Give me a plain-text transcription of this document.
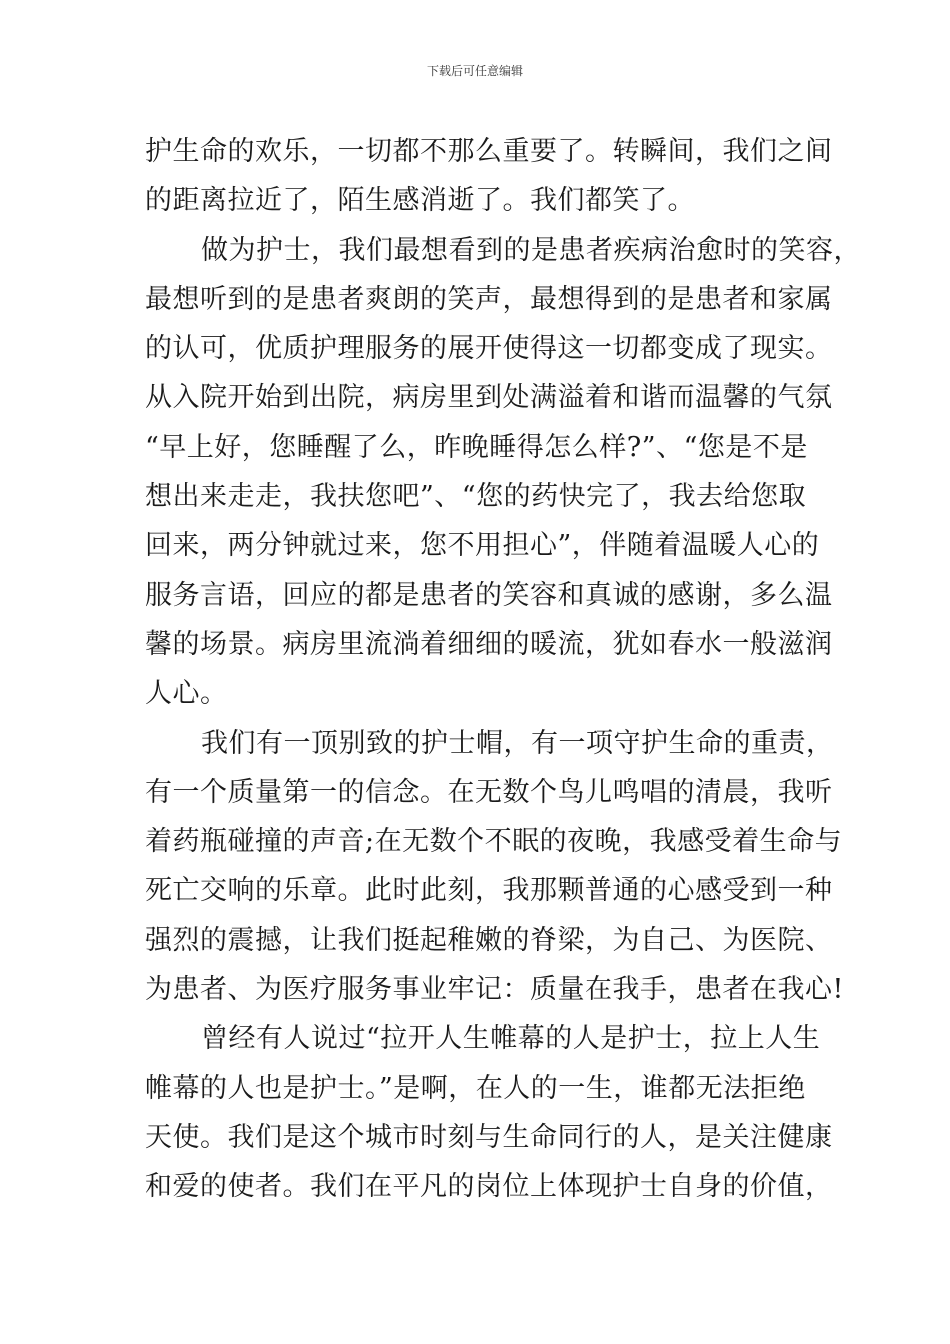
下载后可任意编辑
护生命的欢乐，一切都不那么重要了。转瞬间，我们之间
的距离拉近了，陌生感消逝了。我们都笑了。
做为护士，我们最想看到的是患者疾病治愈时的笑容，
最想听到的是患者爽朗的笑声，最想得到的是患者和家属
的认可，优质护理服务的展开使得这一切都变成了现实。
从入院开始到出院，病房里到处满溢着和谐而温馨的气氛
“早上好，您睡醒了么，昨晚睡得怎么样?”、“您是不是
想出来走走，我扶您吧”、“您的药快完了，我去给您取
回来，两分钟就过来，您不用担心”，伴随着温暖人心的
服务言语，回应的都是患者的笑容和真诚的感谢，多么温
馨的场景。病房里流淌着细细的暖流，犹如春水一般滋润
人心。
我们有一顶别致的护士帽，有一项守护生命的重责，
有一个质量第一的信念。在无数个鸟儿鸣唱的清晨，我听
着药瓶碰撞的声音;在无数个不眠的夜晚，我感受着生命与
死亡交响的乐章。此时此刻，我那颗普通的心感受到一种
强烈的震撼，让我们挺起稚嫩的脊梁，为自己、为医院、
为患者、为医疗服务事业牢记：质量在我手，患者在我心!
曾经有人说过“拉开人生帷幕的人是护士，拉上人生
帷幕的人也是护士。”是啊，在人的一生，谁都无法拒绝
天使。我们是这个城市时刻与生命同行的人，是关注健康
和爱的使者。我们在平凡的岗位上体现护士自身的价值，
